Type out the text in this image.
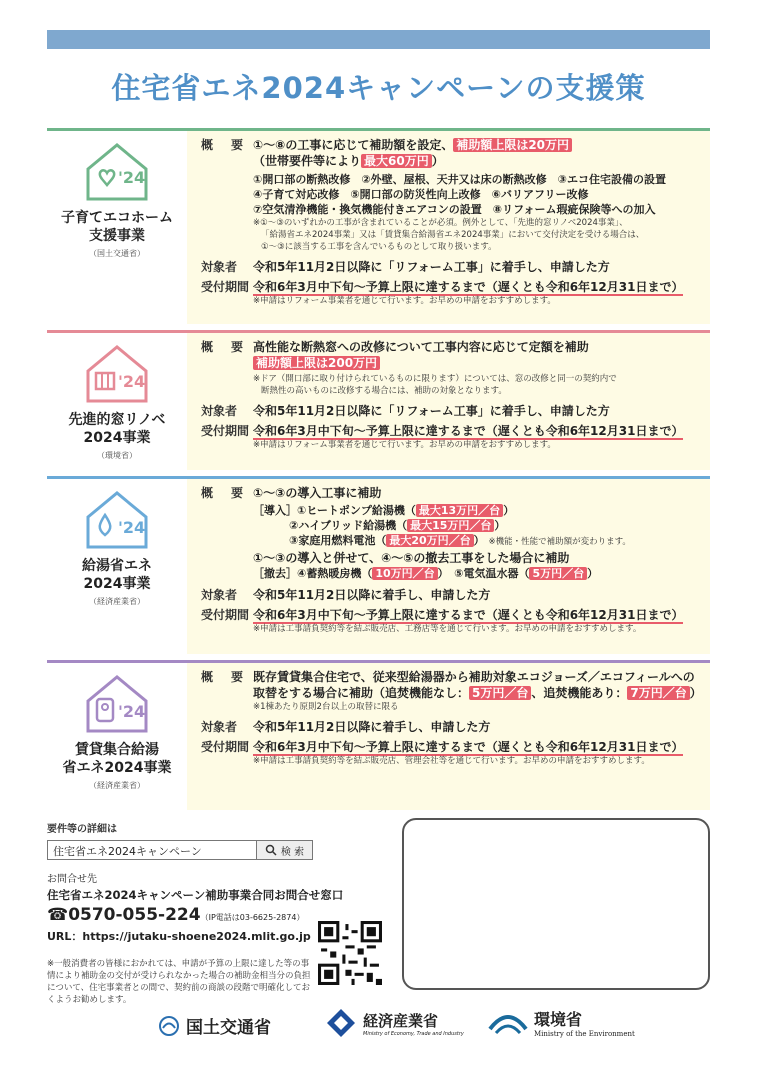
住宅省エネ2024キャンペーンの支援策
'24
子育てエコホーム
支援事業
（国土交通省）
概　要 ①〜⑧の工事に応じて補助額を設定、 補助額上限は20万円
（世帯要件等により 最大60万円 ）
①開口部の断熱改修　②外壁、屋根、天井又は床の断熱改修　③エコ住宅設備の設置
④子育て対応改修　⑤開口部の防災性向上改修　⑥バリアフリー改修
⑦空気清浄機能・換気機能付きエアコンの設置　⑧リフォーム瑕疵保険等への加入
※①〜③のいずれかの工事が含まれていることが必須。例外として、「先進的窓リノベ2024事業」、
「給湯省エネ2024事業」又は「賃貸集合給湯省エネ2024事業」において交付決定を受ける場合は、
①〜③に該当する工事を含んでいるものとして取り扱います。
対象者	令和5年11月2日以降に「リフォーム工事」に着手し、申請した方
受付期間 令和6年3月中下旬〜予算上限に達するまで（遅くとも令和6年12月31日まで）
※申請はリフォーム事業者を通じて行います。お早めの申請をおすすめします。
'24
先進的窓リノベ
2024事業
（環境省）
概　要 高性能な断熱窓への改修について工事内容に応じて定額を補助
補助額上限は200万円
※ドア（開口部に取り付けられているものに限ります）については、窓の改修と同一の契約内で
断熱性の高いものに改修する場合には、補助の対象となります。
対象者	令和5年11月2日以降に「リフォーム工事」に着手し、申請した方
受付期間 令和6年3月中下旬〜予算上限に達するまで（遅くとも令和6年12月31日まで）
※申請はリフォーム事業者を通じて行います。お早めの申請をおすすめします。
'24
給湯省エネ
2024事業
（経済産業省）
概　要 ①〜③の導入工事に補助
［導入］①ヒートポンプ給湯機（ 最大13万円／台 ）
②ハイブリッド給湯機（ 最大15万円／台 ）
③家庭用燃料電池（ 最大20万円／台 ） ※機能・性能で補助額が変わります。
①〜③の導入と併せて、④〜⑤の撤去工事をした場合に補助
［撤去］④蓄熱暖房機（ 10万円／台 ）　⑤電気温水器（ 5万円／台 ）
対象者	令和5年11月2日以降に着手し、申請した方
受付期間 令和6年3月中下旬〜予算上限に達するまで（遅くとも令和6年12月31日まで）
※申請は工事請負契約等を結ぶ販売店、工務店等を通じて行います。お早めの申請をおすすめします。
'24
賃貸集合給湯
省エネ2024事業
（経済産業省）
概　要 既存賃貸集合住宅で、従来型給湯器から補助対象エコジョーズ／エコフィールへの
取替をする場合に補助（追焚機能なし： 5万円／台 、追焚機能あり： 7万円／台 ）
※1棟あたり原則2台以上の取替に限る
対象者	令和5年11月2日以降に着手し、申請した方
受付期間 令和6年3月中下旬〜予算上限に達するまで（遅くとも令和6年12月31日まで）
※申請は工事請負契約等を結ぶ販売店、管理会社等を通じて行います。お早めの申請をおすすめします。
要件等の詳細は
住宅省エネ2024キャンペーン	検 索
お問合せ先
住宅省エネ2024キャンペーン補助事業合同お問合せ窓口
☎0570-055-224（IP電話は03-6625-2874）
URL：https://jutaku-shoene2024.mlit.go.jp
※一般消費者の皆様におかれては、申請が予算の上限に達した等の事情により補助金の交付が受けられなかった場合の補助金相当分の負担について、住宅事業者との間で、契約前の商談の段階で明確化しておくようお勧めします。
国土交通省	経済産業省
Ministry of Economy, Trade and Industry
環境省
Ministry of the Environment
